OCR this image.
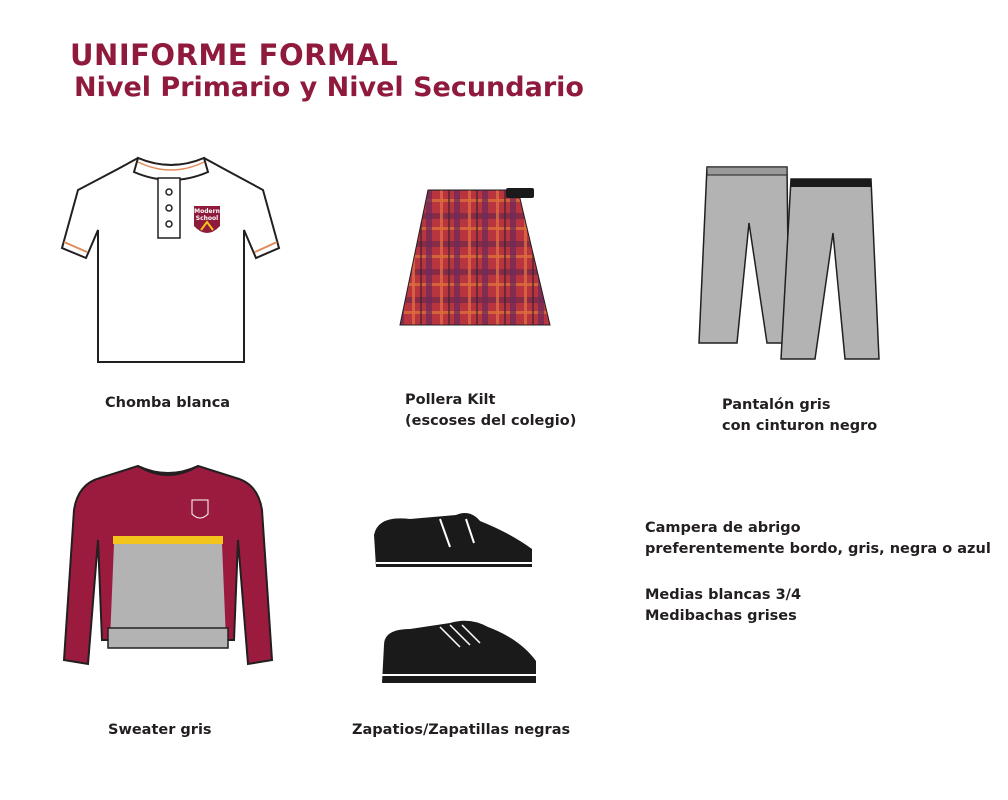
UNIFORME FORMAL
Nivel Primario y Nivel Secundario
Modern
School
Chomba blanca	Pollera Kilt
(escoses del colegio)
Pantalón gris
con cinturon negro
Sweater gris	Zapatios/Zapatillas negras
Campera de abrigo
preferentemente bordo, gris, negra o azul
Medias blancas 3/4
Medibachas grises
